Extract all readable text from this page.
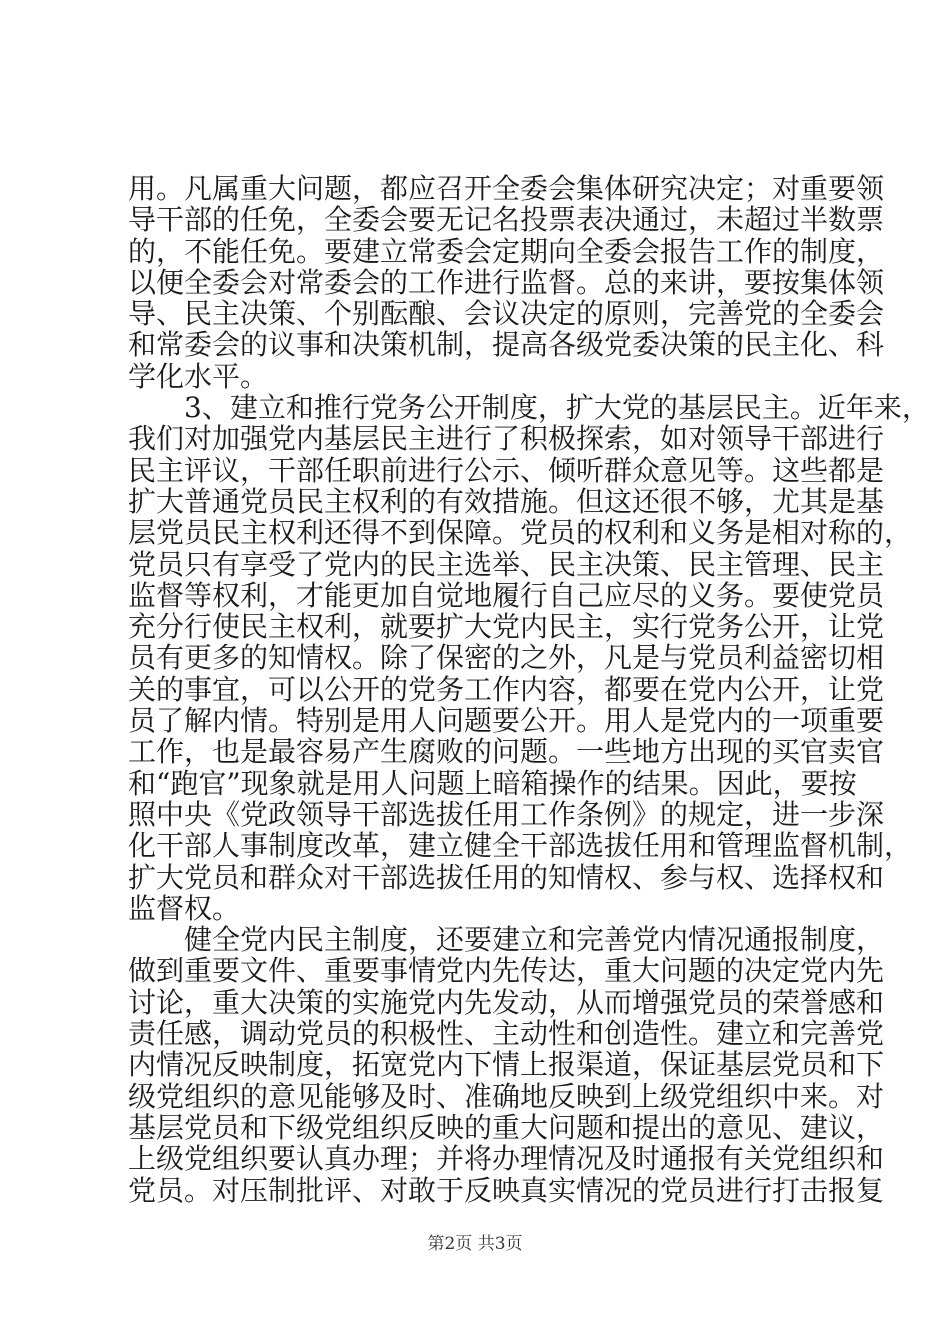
用。凡属重大问题，都应召开全委会集体研究决定；对重要领
导干部的任免，全委会要无记名投票表决通过，未超过半数票
的，不能任免。要建立常委会定期向全委会报告工作的制度，
以便全委会对常委会的工作进行监督。总的来讲，要按集体领
导、民主决策、个别酝酿、会议决定的原则，完善党的全委会
和常委会的议事和决策机制，提高各级党委决策的民主化、科
学化水平。
　　3、建立和推行党务公开制度，扩大党的基层民主。近年来，
我们对加强党内基层民主进行了积极探索，如对领导干部进行
民主评议，干部任职前进行公示、倾听群众意见等。这些都是
扩大普通党员民主权利的有效措施。但这还很不够，尤其是基
层党员民主权利还得不到保障。党员的权利和义务是相对称的，
党员只有享受了党内的民主选举、民主决策、民主管理、民主
监督等权利，才能更加自觉地履行自己应尽的义务。要使党员
充分行使民主权利，就要扩大党内民主，实行党务公开，让党
员有更多的知情权。除了保密的之外，凡是与党员利益密切相
关的事宜，可以公开的党务工作内容，都要在党内公开，让党
员了解内情。特别是用人问题要公开。用人是党内的一项重要
工作，也是最容易产生腐败的问题。一些地方出现的买官卖官
和“跑官”现象就是用人问题上暗箱操作的结果。因此，要按
照中央《党政领导干部选拔任用工作条例》的规定，进一步深
化干部人事制度改革，建立健全干部选拔任用和管理监督机制，
扩大党员和群众对干部选拔任用的知情权、参与权、选择权和
监督权。
　　健全党内民主制度，还要建立和完善党内情况通报制度，
做到重要文件、重要事情党内先传达，重大问题的决定党内先
讨论，重大决策的实施党内先发动，从而增强党员的荣誉感和
责任感，调动党员的积极性、主动性和创造性。建立和完善党
内情况反映制度，拓宽党内下情上报渠道，保证基层党员和下
级党组织的意见能够及时、准确地反映到上级党组织中来。对
基层党员和下级党组织反映的重大问题和提出的意见、建议，
上级党组织要认真办理；并将办理情况及时通报有关党组织和
党员。对压制批评、对敢于反映真实情况的党员进行打击报复
第2页 共3页
